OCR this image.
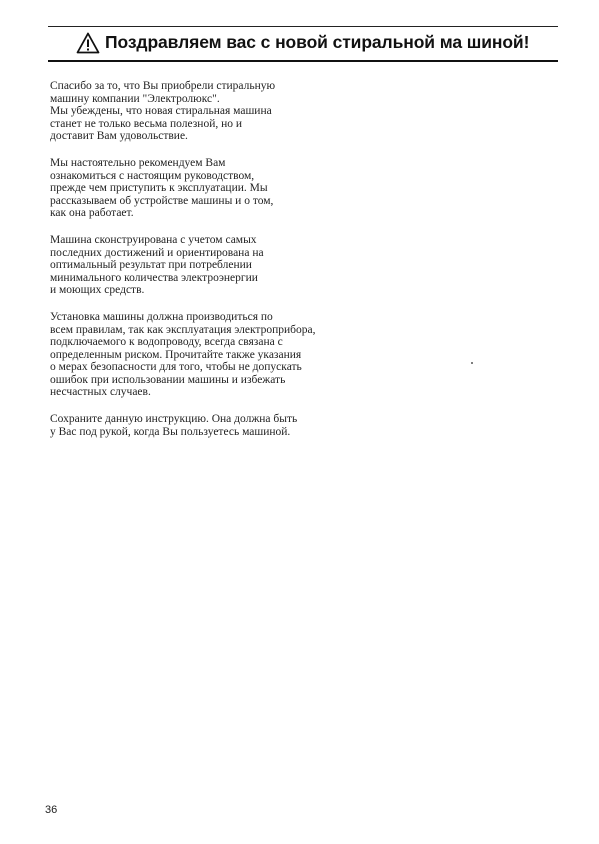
Поздравляем вас с новой стиральной ма шиной!
Спасибо за то, что Вы приобрели стиральную
машину компании "Электролюкс".
Мы убеждены, что новая стиральная машина
станет не только весьма полезной, но и
доставит Вам удовольствие.
Мы настоятельно рекомендуем Вам
ознакомиться с настоящим руководством,
прежде чем приступить к эксплуатации. Мы
рассказываем об устройстве машины и о том,
как она работает.
Машина сконструирована с учетом самых
последних достижений и ориентирована на
оптимальный результат при потреблении
минимального количества электроэнергии
и моющих средств.
Установка машины должна производиться по
всем правилам, так как эксплуатация электроприбора,
подключаемого к водопроводу, всегда связана с
определенным риском. Прочитайте также указания
о мерах безопасности для того, чтобы не допускать
ошибок при использовании машины и избежать
несчастных случаев.
Сохраните данную инструкцию. Она должна быть
у Вас под рукой, когда Вы пользуетесь машиной.
36
